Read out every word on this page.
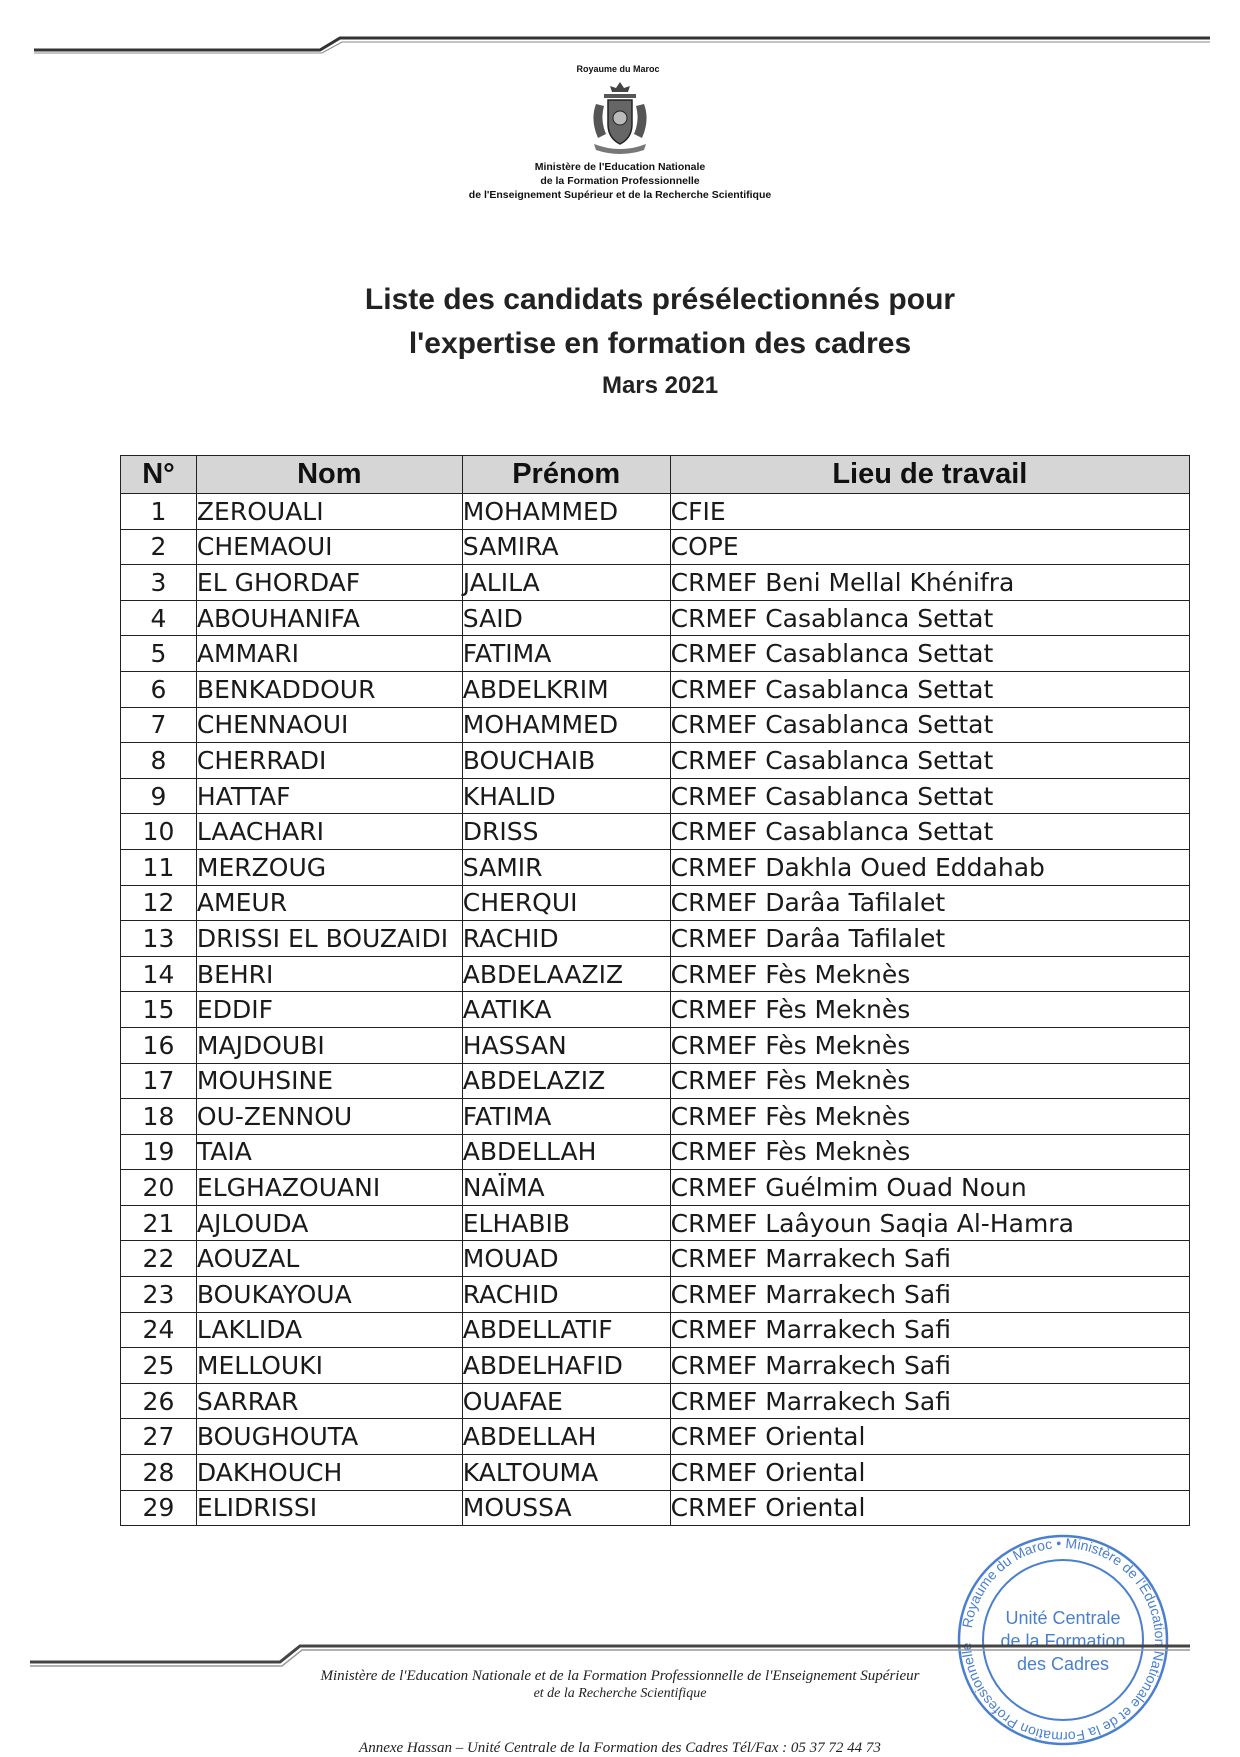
Royaume du Maroc
Ministère de l'Education Nationale
de la Formation Professionnelle
de l'Enseignement Supérieur et de la Recherche Scientifique
Liste des candidats présélectionnés pour
l'expertise en formation des cadres
Mars 2021
N°	Nom	Prénom	Lieu de travail
1	ZEROUALI	MOHAMMED	CFIE
2	CHEMAOUI	SAMIRA	COPE
3	EL GHORDAF	JALILA	CRMEF Beni Mellal Khénifra
4	ABOUHANIFA	SAID	CRMEF Casablanca Settat
5	AMMARI	FATIMA	CRMEF Casablanca Settat
6	BENKADDOUR	ABDELKRIM	CRMEF Casablanca Settat
7	CHENNAOUI	MOHAMMED	CRMEF Casablanca Settat
8	CHERRADI	BOUCHAIB	CRMEF Casablanca Settat
9	HATTAF	KHALID	CRMEF Casablanca Settat
10	LAACHARI	DRISS	CRMEF Casablanca Settat
11	MERZOUG	SAMIR	CRMEF Dakhla Oued Eddahab
12	AMEUR	CHERQUI	CRMEF Darâa Tafilalet
13	DRISSI EL BOUZAIDI	RACHID	CRMEF Darâa Tafilalet
14	BEHRI	ABDELAAZIZ	CRMEF Fès Meknès
15	EDDIF	AATIKA	CRMEF Fès Meknès
16	MAJDOUBI	HASSAN	CRMEF Fès Meknès
17	MOUHSINE	ABDELAZIZ	CRMEF Fès Meknès
18	OU-ZENNOU	FATIMA	CRMEF Fès Meknès
19	TAIA	ABDELLAH	CRMEF Fès Meknès
20	ELGHAZOUANI	NAÏMA	CRMEF Guélmim Ouad Noun
21	AJLOUDA	ELHABIB	CRMEF Laâyoun Saqia Al-Hamra
22	AOUZAL	MOUAD	CRMEF Marrakech Safi
23	BOUKAYOUA	RACHID	CRMEF Marrakech Safi
24	LAKLIDA	ABDELLATIF	CRMEF Marrakech Safi
25	MELLOUKI	ABDELHAFID	CRMEF Marrakech Safi
26	SARRAR	OUAFAE	CRMEF Marrakech Safi
27	BOUGHOUTA	ABDELLAH	CRMEF Oriental
28	DAKHOUCH	KALTOUMA	CRMEF Oriental
29	ELIDRISSI	MOUSSA	CRMEF Oriental
Royaume du Maroc • Ministère de l'Education Nationale et de la Formation Professionnelle
Unité Centrale
de la Formation
des Cadres
Ministère de l'Education Nationale et de la Formation Professionnelle de l'Enseignement Supérieur
et de la Recherche Scientifique
Annexe Hassan – Unité Centrale de la Formation des Cadres Tél/Fax : 05 37 72 44 73
